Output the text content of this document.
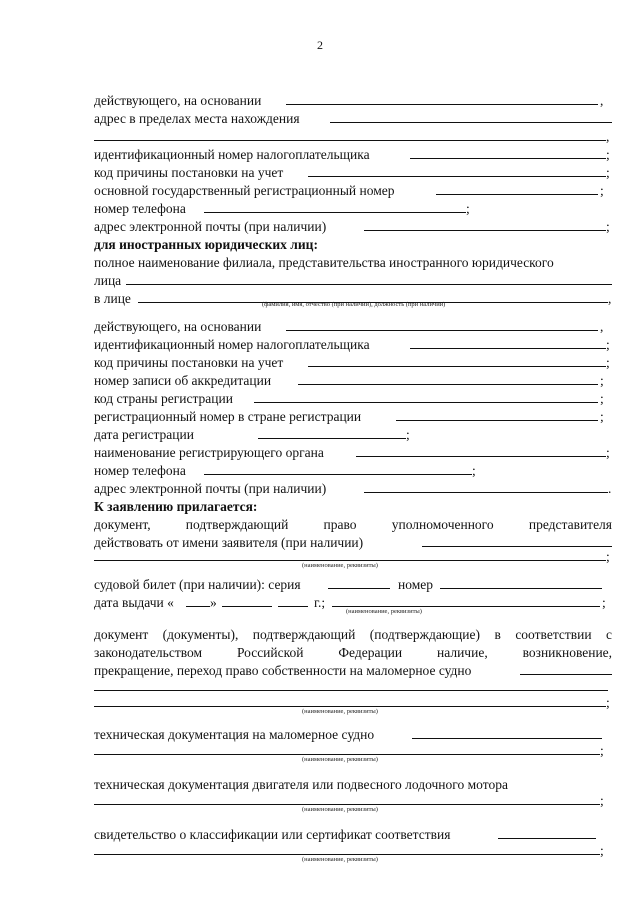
2
действующего, на основании	,
адрес в пределах места нахождения
,
идентификационный номер налогоплательщика	;
код причины постановки на учет	;
основной государственный регистрационный номер	;
номер телефона	;
адрес электронной почты (при наличии)	;
для иностранных юридических лиц:
полное наименование филиала, представительства иностранного юридического
лица
в лице	,
(фамилия, имя, отчество (при наличии), должность (при наличии)
действующего, на основании	,
идентификационный номер налогоплательщика	;
код причины постановки на учет	;
номер записи об аккредитации	;
код страны регистрации	;
регистрационный номер в стране регистрации	;
дата регистрации	;
наименование регистрирующего органа	;
номер телефона	;
адрес электронной почты (при наличии)	.
К заявлению прилагается:
документ,	подтверждающий	право	уполномоченного	представителя
действовать от имени заявителя (при наличии)
;
(наименование, реквизиты)
судовой билет (при наличии): серия	номер
дата выдачи «	»	г.;	;
(наименование, реквизиты)
документ (документы), подтверждающий (подтверждающие) в соответствии с
законодательством	Российской	Федерации	наличие,	возникновение,
прекращение, переход право собственности на маломерное судно
;
(наименование, реквизиты)
техническая документация на маломерное судно
;
(наименование, реквизиты)
техническая документация двигателя или подвесного лодочного мотора
;
(наименование, реквизиты)
свидетельство о классификации или сертификат соответствия
;
(наименование, реквизиты)
